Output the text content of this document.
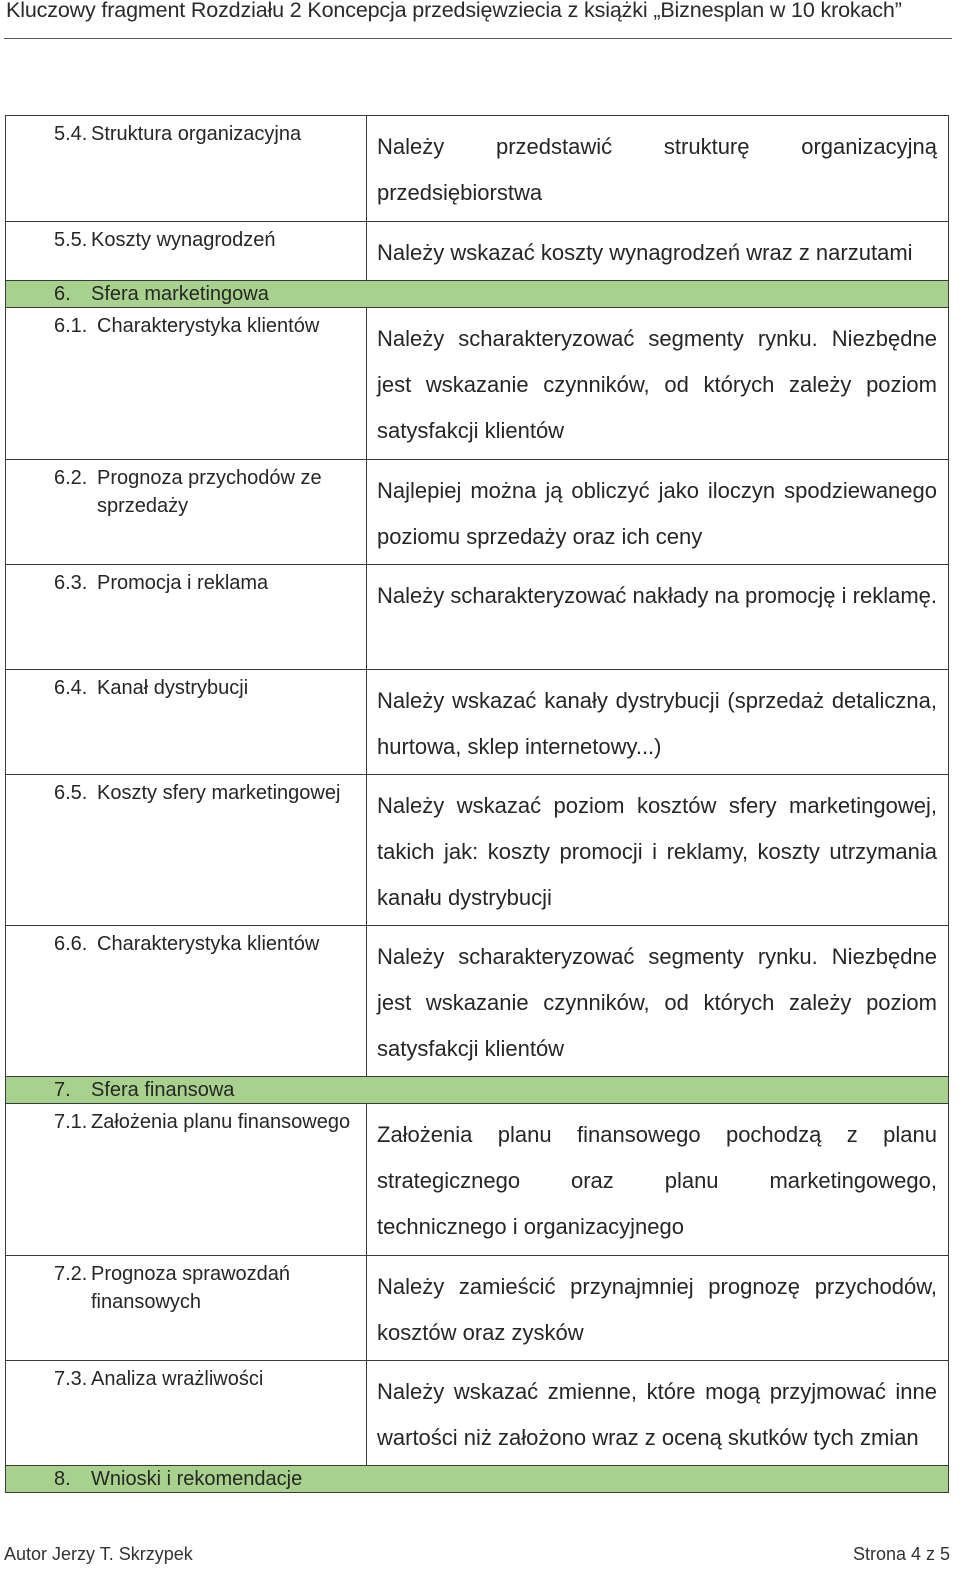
Kluczowy fragment Rozdziału 2 Koncepcja przedsięwziecia z książki „Biznesplan w 10 krokach”
5.4. Struktura organizacyjna	Należy przedstawić strukturę organizacyjną przedsiębiorstwa

5.5. Koszty wynagrodzeń	Należy wskazać koszty wynagrodzeń wraz z narzutami

6. Sfera marketingowa	

6.1. Charakterystyka klientów	Należy scharakteryzować segmenty rynku. Niezbędne jest wskazanie czynników, od których zależy poziom satysfakcji klientów

6.2. Prognoza przychodów ze sprzedaży	Najlepiej można ją obliczyć jako iloczyn spodziewanego poziomu sprzedaży oraz ich ceny

6.3. Promocja i reklama	Należy scharakteryzować nakłady na promocję i reklamę.

6.4. Kanał dystrybucji	Należy wskazać kanały dystrybucji (sprzedaż detaliczna, hurtowa, sklep internetowy...)

6.5. Koszty sfery marketingowej	Należy wskazać poziom kosztów sfery marketingowej, takich jak: koszty promocji i reklamy, koszty utrzymania kanału dystrybucji

6.6. Charakterystyka klientów	Należy scharakteryzować segmenty rynku. Niezbędne jest wskazanie czynników, od których zależy poziom satysfakcji klientów

7. Sfera finansowa	

7.1. Założenia planu finansowego	Założenia planu finansowego pochodzą z planu strategicznego oraz planu marketingowego, technicznego i organizacyjnego

7.2. Prognoza sprawozdań finansowych	Należy zamieścić przynajmniej prognozę przychodów, kosztów oraz zysków

7.3. Analiza wrażliwości	Należy wskazać zmienne, które mogą przyjmować inne wartości niż założono wraz z oceną skutków tych zmian

8. Wnioski i rekomendacje	
Autor Jerzy T. Skrzypek	Strona 4 z 5
